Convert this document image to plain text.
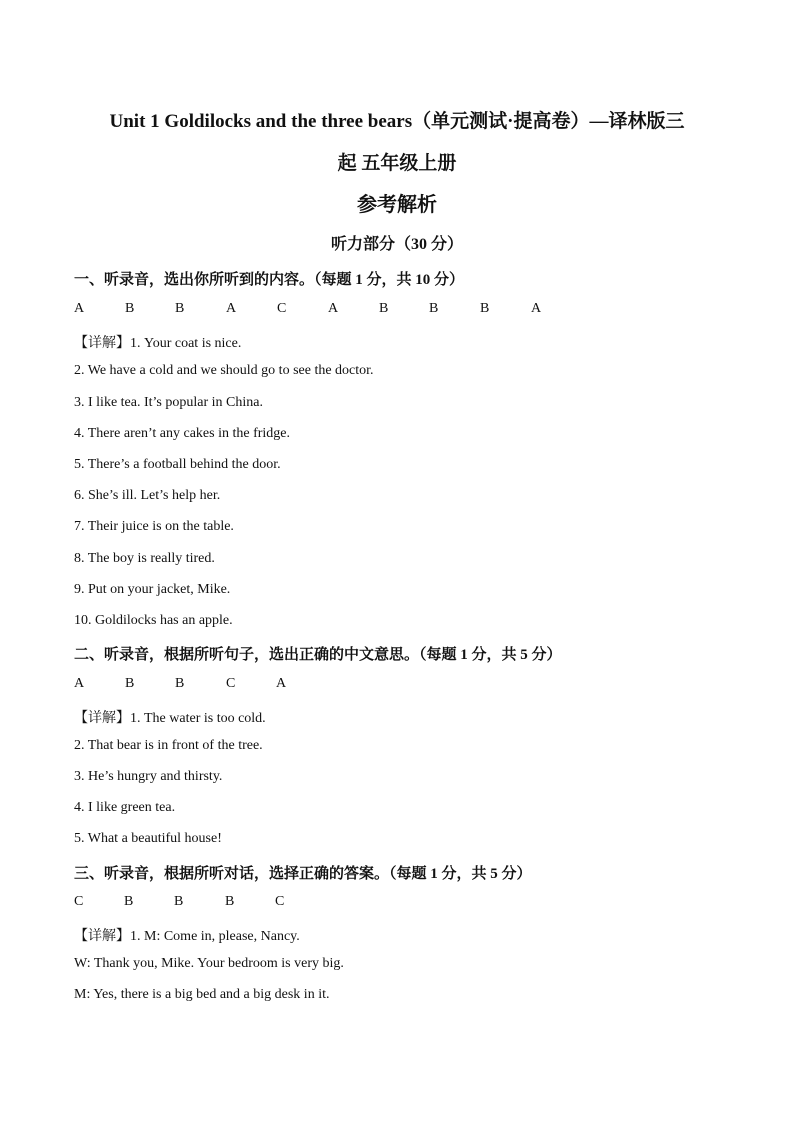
Unit 1 Goldilocks and the three bears（单元测试·提高卷）—译林版三
起 五年级上册
参考解析
听力部分（30 分）
一、听录音，选出你所听到的内容。（每题 1 分，共 10 分）
A	B	B	A	C	A	B	B	B	A
【详解】1. Your coat is nice.
2. We have a cold and we should go to see the doctor.
3. I like tea. It’s popular in China.
4. There aren’t any cakes in the fridge.
5. There’s a football behind the door.
6. She’s ill. Let’s help her.
7. Their juice is on the table.
8. The boy is really tired.
9. Put on your jacket, Mike.
10. Goldilocks has an apple.
二、听录音，根据所听句子，选出正确的中文意思。（每题 1 分，共 5 分）
A	B	B	C	A
【详解】1. The water is too cold.
2. That bear is in front of the tree.
3. He’s hungry and thirsty.
4. I like green tea.
5. What a beautiful house!
三、听录音，根据所听对话，选择正确的答案。（每题 1 分，共 5 分）
C	B	B	B	C
【详解】1. M: Come in, please, Nancy.
W: Thank you, Mike. Your bedroom is very big.
M: Yes, there is a big bed and a big desk in it.
